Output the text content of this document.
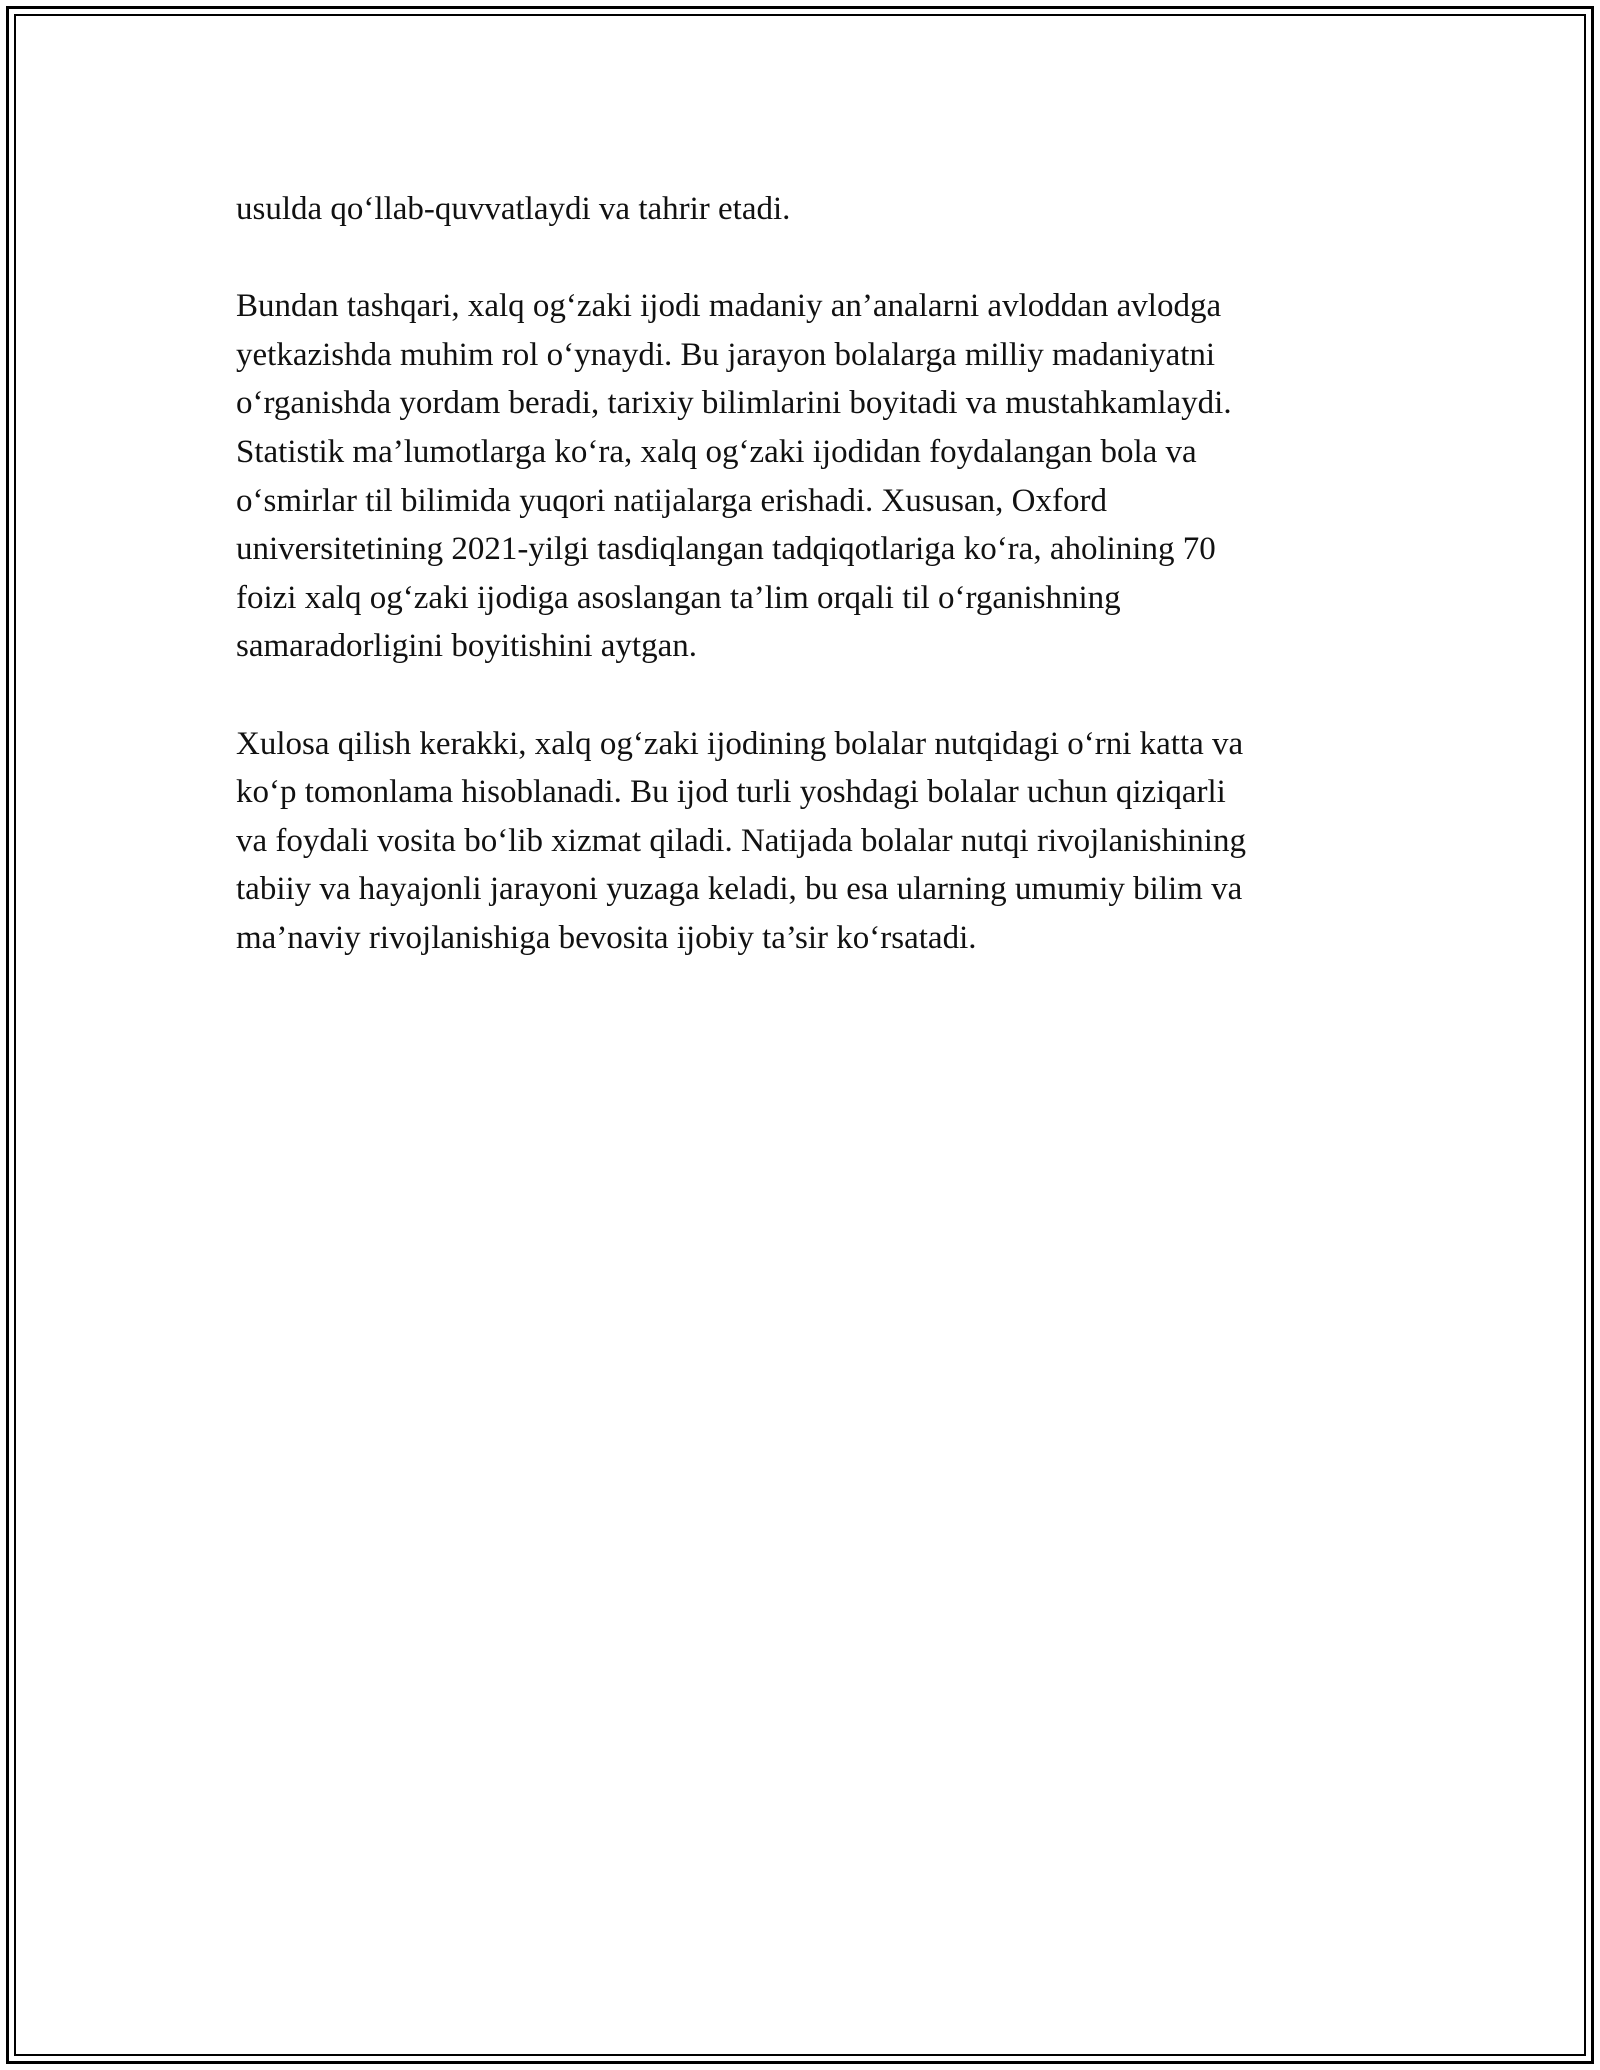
usulda qo‘llab-quvvatlaydi va tahrir etadi.

Bundan tashqari, xalq og‘zaki ijodi madaniy an’analarni avloddan avlodga
yetkazishda muhim rol o‘ynaydi. Bu jarayon bolalarga milliy madaniyatni
o‘rganishda yordam beradi, tarixiy bilimlarini boyitadi va mustahkamlaydi.
Statistik ma’lumotlarga ko‘ra, xalq og‘zaki ijodidan foydalangan bola va
o‘smirlar til bilimida yuqori natijalarga erishadi. Xususan, Oxford
universitetining 2021-yilgi tasdiqlangan tadqiqotlariga ko‘ra, aholining 70
foizi xalq og‘zaki ijodiga asoslangan ta’lim orqali til o‘rganishning
samaradorligini boyitishini aytgan.

Xulosa qilish kerakki, xalq og‘zaki ijodining bolalar nutqidagi o‘rni katta va
ko‘p tomonlama hisoblanadi. Bu ijod turli yoshdagi bolalar uchun qiziqarli
va foydali vosita bo‘lib xizmat qiladi. Natijada bolalar nutqi rivojlanishining
tabiiy va hayajonli jarayoni yuzaga keladi, bu esa ularning umumiy bilim va
ma’naviy rivojlanishiga bevosita ijobiy ta’sir ko‘rsatadi.
